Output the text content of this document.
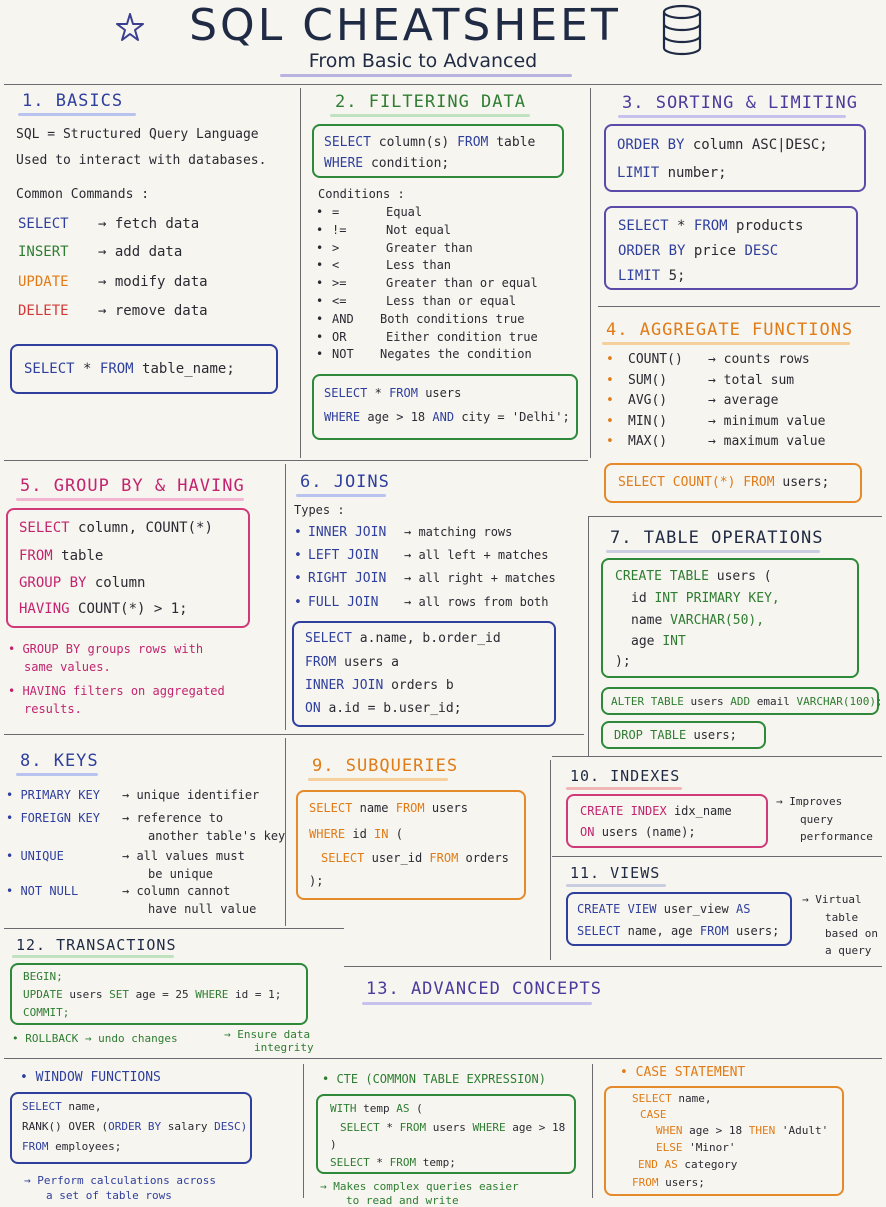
SQL CHEATSHEET
From Basic to Advanced
1. BASICS
SQL = Structured Query Language
Used to interact with databases.
Common Commands :
SELECT → fetch data
INSERT → add data
UPDATE → modify data
DELETE → remove data
SELECT * FROM table_name;
2. FILTERING DATA
SELECT column(s) FROM table
WHERE condition;
Conditions :
• =	Equal
• !=	Not equal
• >	Greater than
• <	Less than
• >=	Greater than or equal
• <=	Less than or equal
• AND Both conditions true
• OR	Either condition true
• NOT Negates the condition
SELECT * FROM users
WHERE age > 18 AND city = 'Delhi';
3. SORTING & LIMITING
ORDER BY column ASC|DESC;
LIMIT number;
SELECT * FROM products
ORDER BY price DESC
LIMIT 5;
4. AGGREGATE FUNCTIONS
• COUNT() → counts rows
• SUM()	→ total sum
• AVG()	→ average
• MIN()	→ minimum value
• MAX()	→ maximum value
SELECT COUNT(*) FROM users;
5. GROUP BY & HAVING
SELECT column, COUNT(*)
FROM table
GROUP BY column
HAVING COUNT(*) > 1;
• GROUP BY groups rows with
same values.
• HAVING filters on aggregated
results.
6. JOINS
Types :
• INNER JOIN → matching rows
• LEFT JOIN → all left + matches
• RIGHT JOIN → all right + matches
• FULL JOIN → all rows from both
SELECT a.name, b.order_id
FROM users a
INNER JOIN orders b
ON a.id = b.user_id;
7. TABLE OPERATIONS
CREATE TABLE users (
id INT PRIMARY KEY,
name VARCHAR(50),
age INT
);
ALTER TABLE users ADD email VARCHAR(100);
DROP TABLE users;
8. KEYS
• PRIMARY KEY → unique identifier
• FOREIGN KEY → reference to
another table's key
• UNIQUE	→ all values must
be unique
• NOT NULL	→ column cannot
have null value
9. SUBQUERIES
SELECT name FROM users
WHERE id IN (
SELECT user_id FROM orders
);
10. INDEXES
CREATE INDEX idx_name
ON users (name);
→ Improves
query
performance
11. VIEWS
CREATE VIEW user_view AS
SELECT name, age FROM users;
→ Virtual
table
based on
a query
12. TRANSACTIONS
BEGIN;
UPDATE users SET age = 25 WHERE id = 1;
COMMIT;
• ROLLBACK → undo changes	→ Ensure data
integrity
13. ADVANCED CONCEPTS
• WINDOW FUNCTIONS
SELECT name,
RANK() OVER (ORDER BY salary DESC)
FROM employees;
→ Perform calculations across
a set of table rows
• CTE (COMMON TABLE EXPRESSION)
WITH temp AS (
SELECT * FROM users WHERE age > 18
)
SELECT * FROM temp;
→ Makes complex queries easier
to read and write
• CASE STATEMENT
SELECT name,
CASE
WHEN age > 18 THEN 'Adult'
ELSE 'Minor'
END AS category
FROM users;
